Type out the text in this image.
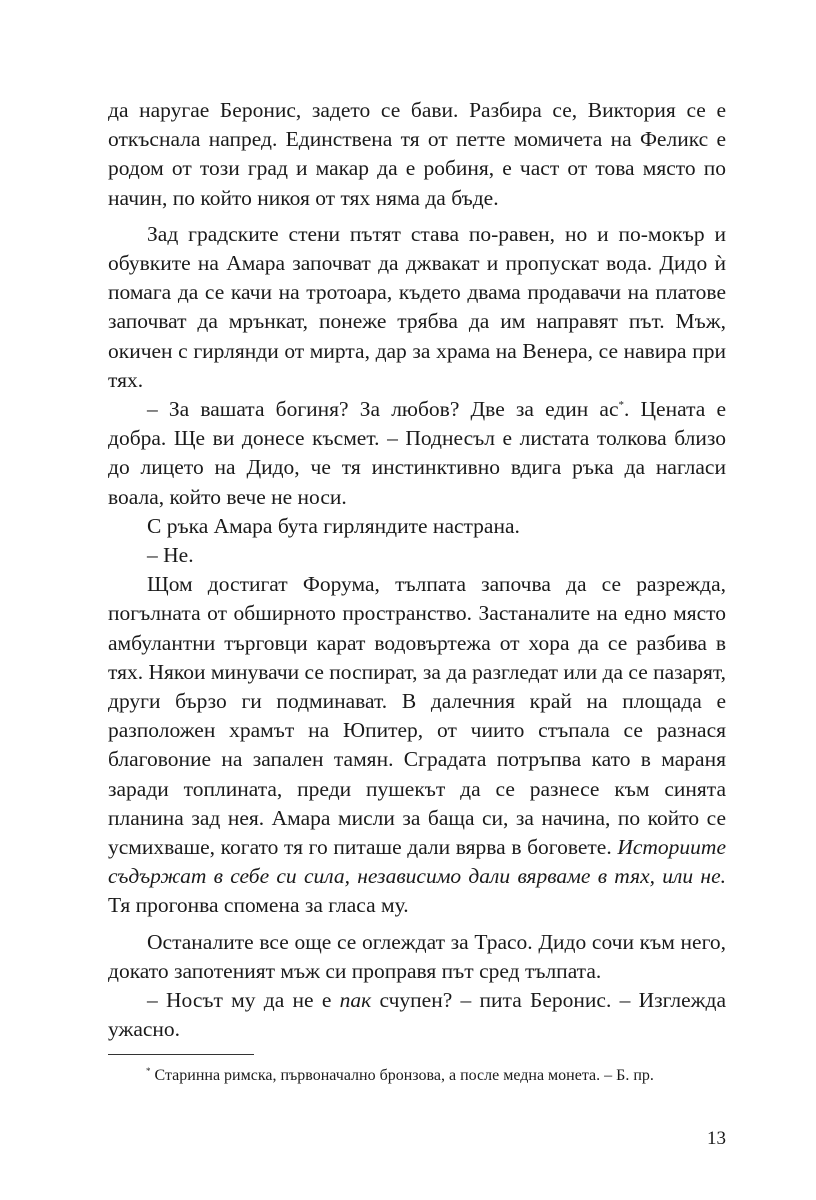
да наругае Беронис, задето се бави. Разбира се, Виктория се е откъснала напред. Единствена тя от петте момичета на Феликс е родом от този град и макар да е робиня, е част от това място по начин, по който никоя от тях няма да бъде.

Зад градските стени пътят става по-равен, но и по-мокър и обувките на Амара започват да джвакат и пропускат вода. Дидо ѝ помага да се качи на тротоара, където двама продавачи на платове започват да мрънкат, понеже трябва да им направят път. Мъж, окичен с гирлянди от мирта, дар за храма на Венера, се навира при тях.

– За вашата богиня? За любов? Две за един ас*. Цената е добра. Ще ви донесе късмет. – Поднесъл е листата толкова близо до лицето на Дидо, че тя инстинктивно вдига ръка да нагласи воала, който вече не носи.

С ръка Амара бута гирляндите настрана.

– Не.

Щом достигат Форума, тълпата започва да се разрежда, погълната от обширното пространство. Застаналите на едно място амбулантни търговци карат водовъртежа от хора да се разбива в тях. Някои минувачи се поспират, за да разгледат или да се пазарят, други бързо ги подминават. В далечния край на площада е разположен храмът на Юпитер, от чиито стъпала се разнася благовоние на запален тамян. Сградата потръпва като в мараня заради топлината, преди пушекът да се разнесе към синята планина зад нея. Амара мисли за баща си, за начина, по който се усмихваше, когато тя го питаше дали вярва в боговете. Историите съдържат в себе си сила, независимо дали вярваме в тях, или не. Тя прогонва спомена за гласа му.

Останалите все още се оглеждат за Трасо. Дидо сочи към него, докато запотеният мъж си проправя път сред тълпата.

– Носът му да не е пак счупен? – пита Беронис. – Изглежда ужасно.

* Старинна римска, първоначално бронзова, а после медна монета. – Б. пр.
13
